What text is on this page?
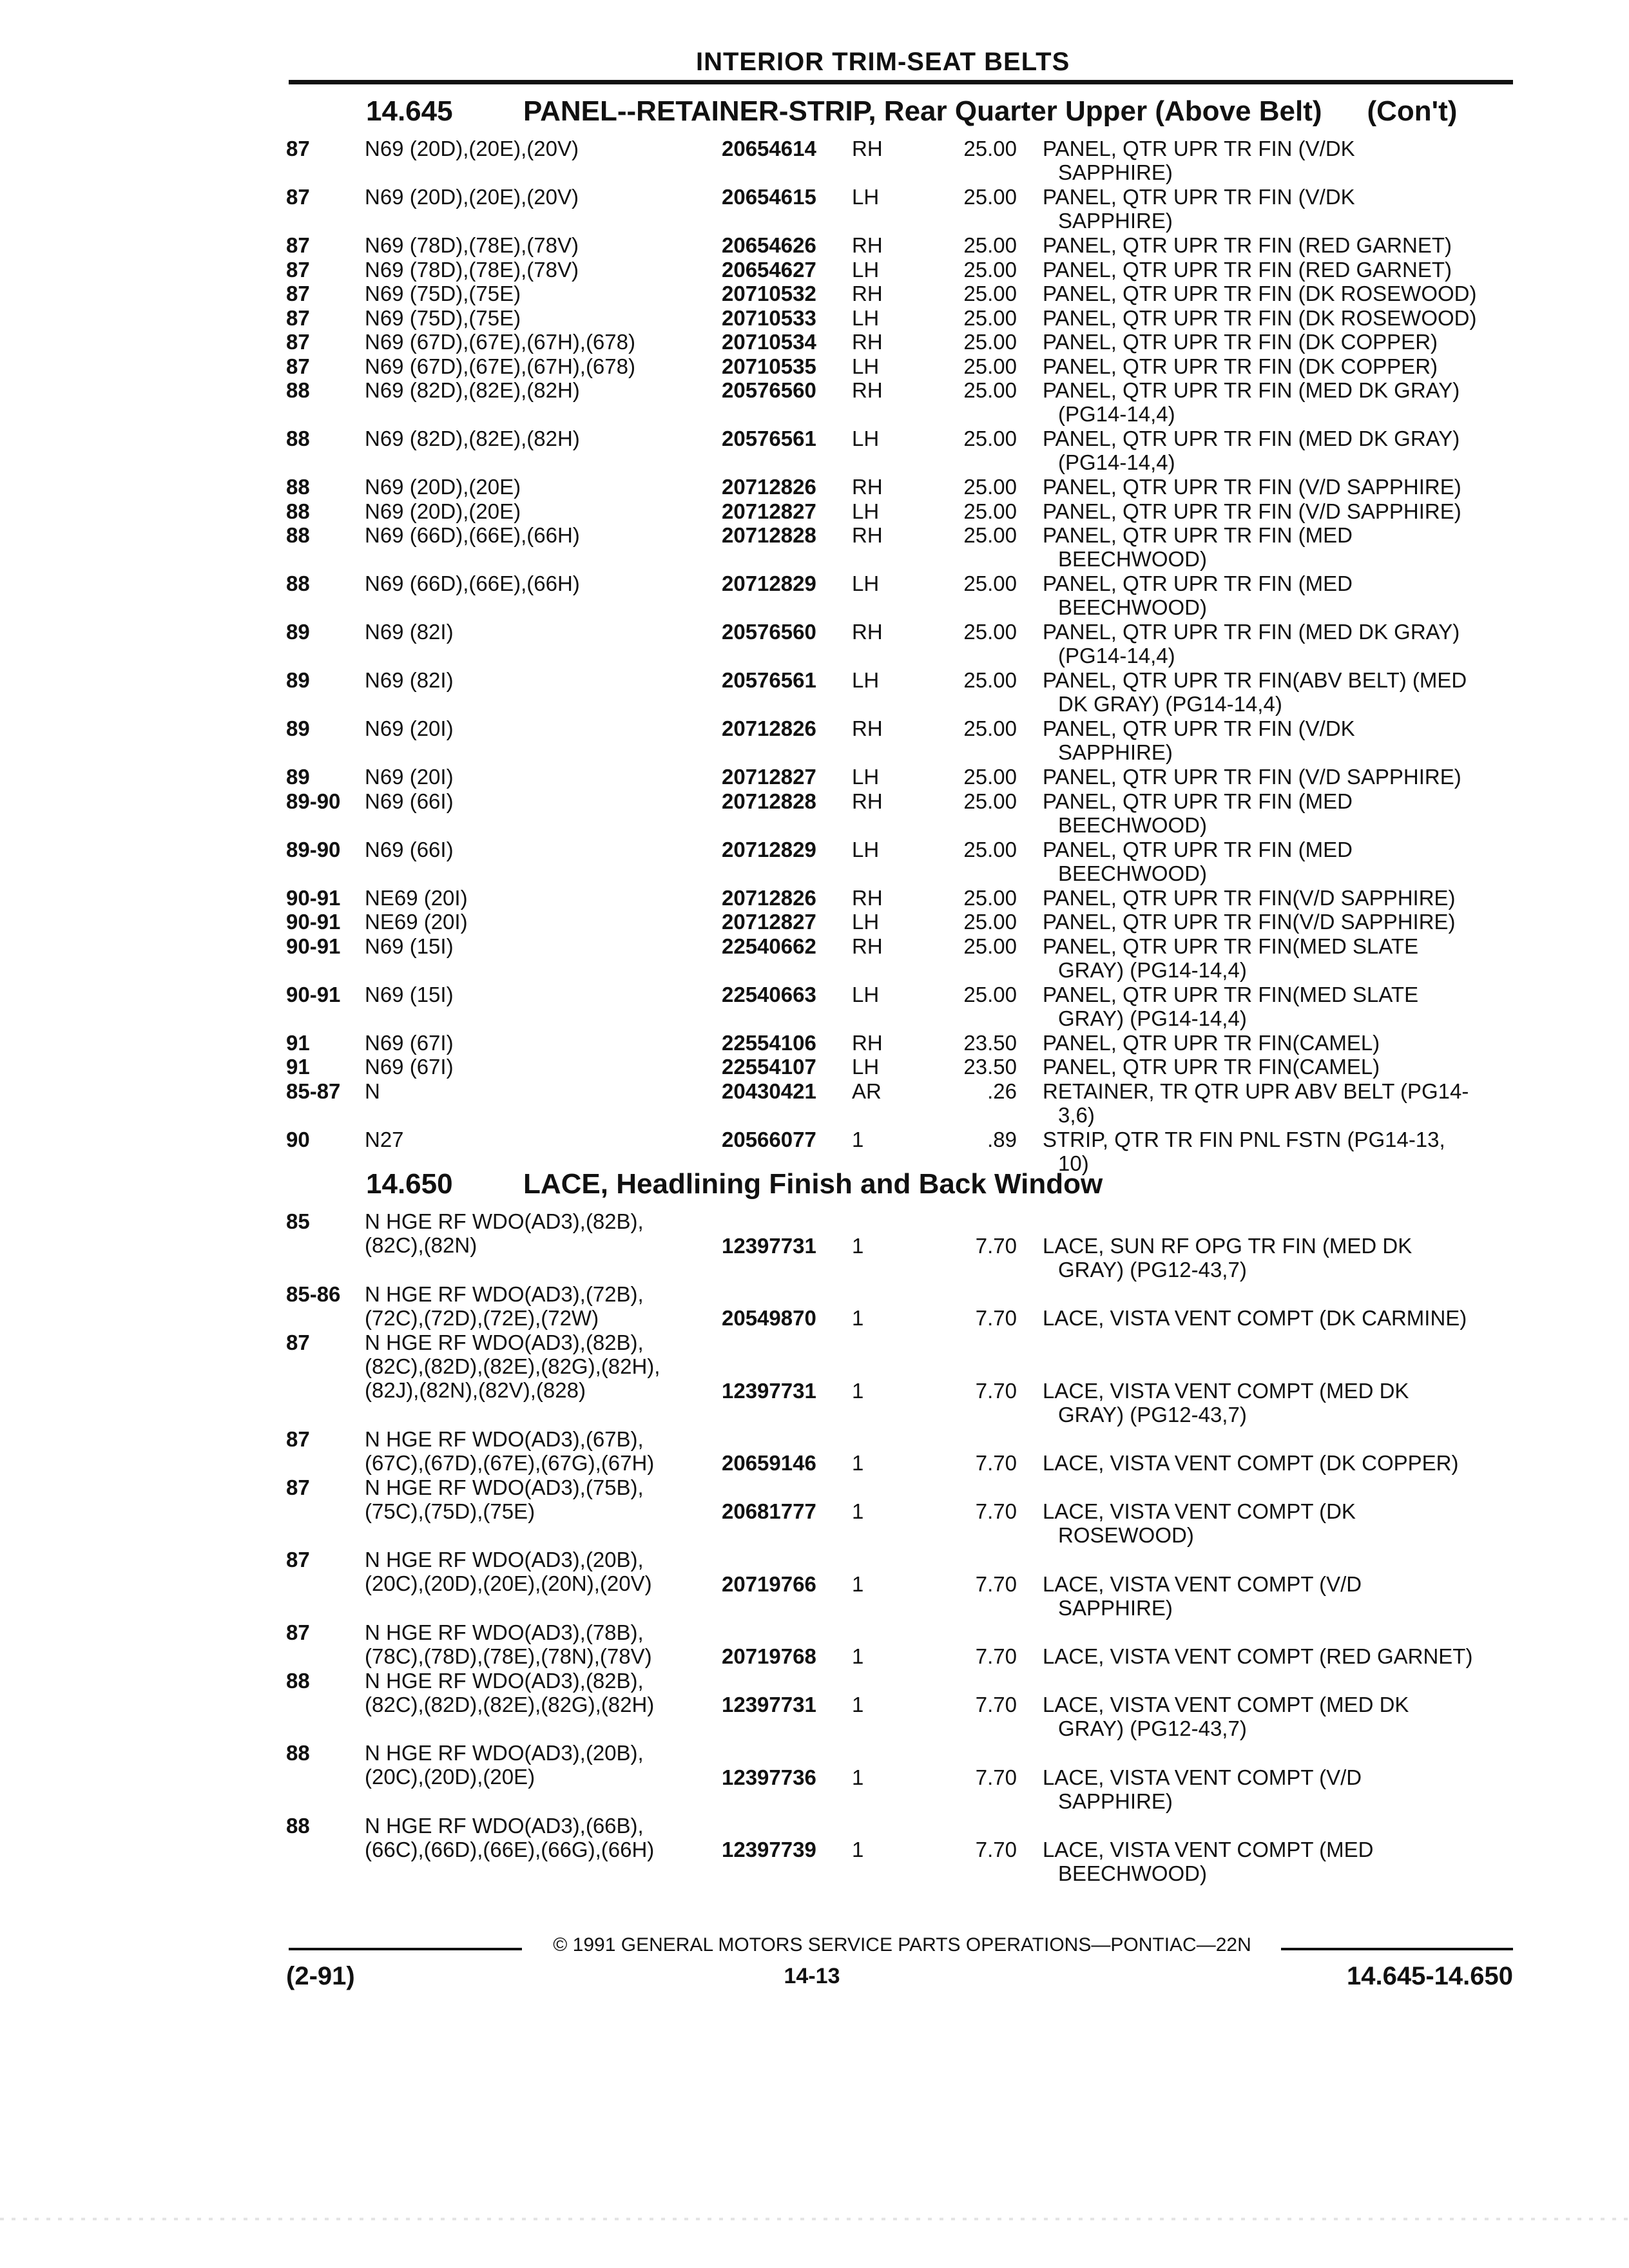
INTERIOR TRIM-SEAT BELTS
14.645 PANEL--RETAINER-STRIP, Rear Quarter Upper (Above Belt) (Con't)
87	N69 (20D),(20E),(20V)	20654614 RH	25.00 PANEL, QTR UPR TR FIN (V/DK
SAPPHIRE)
87	N69 (20D),(20E),(20V)	20654615 LH	25.00 PANEL, QTR UPR TR FIN (V/DK
SAPPHIRE)
87	N69 (78D),(78E),(78V)	20654626 RH	25.00 PANEL, QTR UPR TR FIN (RED GARNET)
87	N69 (78D),(78E),(78V)	20654627 LH	25.00 PANEL, QTR UPR TR FIN (RED GARNET)
87	N69 (75D),(75E)	20710532 RH	25.00 PANEL, QTR UPR TR FIN (DK ROSEWOOD)
87	N69 (75D),(75E)	20710533 LH	25.00 PANEL, QTR UPR TR FIN (DK ROSEWOOD)
87	N69 (67D),(67E),(67H),(678)	20710534 RH	25.00 PANEL, QTR UPR TR FIN (DK COPPER)
87	N69 (67D),(67E),(67H),(678)	20710535 LH	25.00 PANEL, QTR UPR TR FIN (DK COPPER)
88	N69 (82D),(82E),(82H)	20576560 RH	25.00 PANEL, QTR UPR TR FIN (MED DK GRAY)
(PG14-14,4)
88	N69 (82D),(82E),(82H)	20576561 LH	25.00 PANEL, QTR UPR TR FIN (MED DK GRAY)
(PG14-14,4)
88	N69 (20D),(20E)	20712826 RH	25.00 PANEL, QTR UPR TR FIN (V/D SAPPHIRE)
88	N69 (20D),(20E)	20712827 LH	25.00 PANEL, QTR UPR TR FIN (V/D SAPPHIRE)
88	N69 (66D),(66E),(66H)	20712828 RH	25.00 PANEL, QTR UPR TR FIN (MED
BEECHWOOD)
88	N69 (66D),(66E),(66H)	20712829 LH	25.00 PANEL, QTR UPR TR FIN (MED
BEECHWOOD)
89	N69 (82I)	20576560 RH	25.00 PANEL, QTR UPR TR FIN (MED DK GRAY)
(PG14-14,4)
89	N69 (82I)	20576561 LH	25.00 PANEL, QTR UPR TR FIN(ABV BELT) (MED
DK GRAY) (PG14-14,4)
89	N69 (20I)	20712826 RH	25.00 PANEL, QTR UPR TR FIN (V/DK
SAPPHIRE)
89	N69 (20I)	20712827 LH	25.00 PANEL, QTR UPR TR FIN (V/D SAPPHIRE)
89-90 N69 (66I)	20712828 RH	25.00 PANEL, QTR UPR TR FIN (MED
BEECHWOOD)
89-90 N69 (66I)	20712829 LH	25.00 PANEL, QTR UPR TR FIN (MED
BEECHWOOD)
90-91 NE69 (20I)	20712826 RH	25.00 PANEL, QTR UPR TR FIN(V/D SAPPHIRE)
90-91 NE69 (20I)	20712827 LH	25.00 PANEL, QTR UPR TR FIN(V/D SAPPHIRE)
90-91 N69 (15I)	22540662 RH	25.00 PANEL, QTR UPR TR FIN(MED SLATE
GRAY) (PG14-14,4)
90-91 N69 (15I)	22540663 LH	25.00 PANEL, QTR UPR TR FIN(MED SLATE
GRAY) (PG14-14,4)
91	N69 (67I)	22554106 RH	23.50 PANEL, QTR UPR TR FIN(CAMEL)
91	N69 (67I)	22554107 LH	23.50 PANEL, QTR UPR TR FIN(CAMEL)
85-87 N	20430421 AR	.26 RETAINER, TR QTR UPR ABV BELT (PG14-
3,6)
90	N27	20566077 1	.89 STRIP, QTR TR FIN PNL FSTN (PG14-13,
10)
14.650 LACE, Headlining Finish and Back Window
85	N HGE RF WDO(AD3),(82B),
(82C),(82N)	12397731 1	7.70 LACE, SUN RF OPG TR FIN (MED DK
GRAY) (PG12-43,7)
85-86 N HGE RF WDO(AD3),(72B),
(72C),(72D),(72E),(72W)	20549870 1	7.70 LACE, VISTA VENT COMPT (DK CARMINE)
87	N HGE RF WDO(AD3),(82B),
(82C),(82D),(82E),(82G),(82H),
(82J),(82N),(82V),(828)	12397731 1	7.70 LACE, VISTA VENT COMPT (MED DK
GRAY) (PG12-43,7)
87	N HGE RF WDO(AD3),(67B),
(67C),(67D),(67E),(67G),(67H)	20659146 1	7.70 LACE, VISTA VENT COMPT (DK COPPER)
87	N HGE RF WDO(AD3),(75B),
(75C),(75D),(75E)	20681777 1	7.70 LACE, VISTA VENT COMPT (DK
ROSEWOOD)
87	N HGE RF WDO(AD3),(20B),
(20C),(20D),(20E),(20N),(20V)	20719766 1	7.70 LACE, VISTA VENT COMPT (V/D
SAPPHIRE)
87	N HGE RF WDO(AD3),(78B),
(78C),(78D),(78E),(78N),(78V)	20719768 1	7.70 LACE, VISTA VENT COMPT (RED GARNET)
88	N HGE RF WDO(AD3),(82B),
(82C),(82D),(82E),(82G),(82H)	12397731 1	7.70 LACE, VISTA VENT COMPT (MED DK
GRAY) (PG12-43,7)
88	N HGE RF WDO(AD3),(20B),
(20C),(20D),(20E)	12397736 1	7.70 LACE, VISTA VENT COMPT (V/D
SAPPHIRE)
88	N HGE RF WDO(AD3),(66B),
(66C),(66D),(66E),(66G),(66H)	12397739 1	7.70 LACE, VISTA VENT COMPT (MED
BEECHWOOD)
© 1991 GENERAL MOTORS SERVICE PARTS OPERATIONS—PONTIAC—22N
(2-91)	14-13	14.645-14.650
